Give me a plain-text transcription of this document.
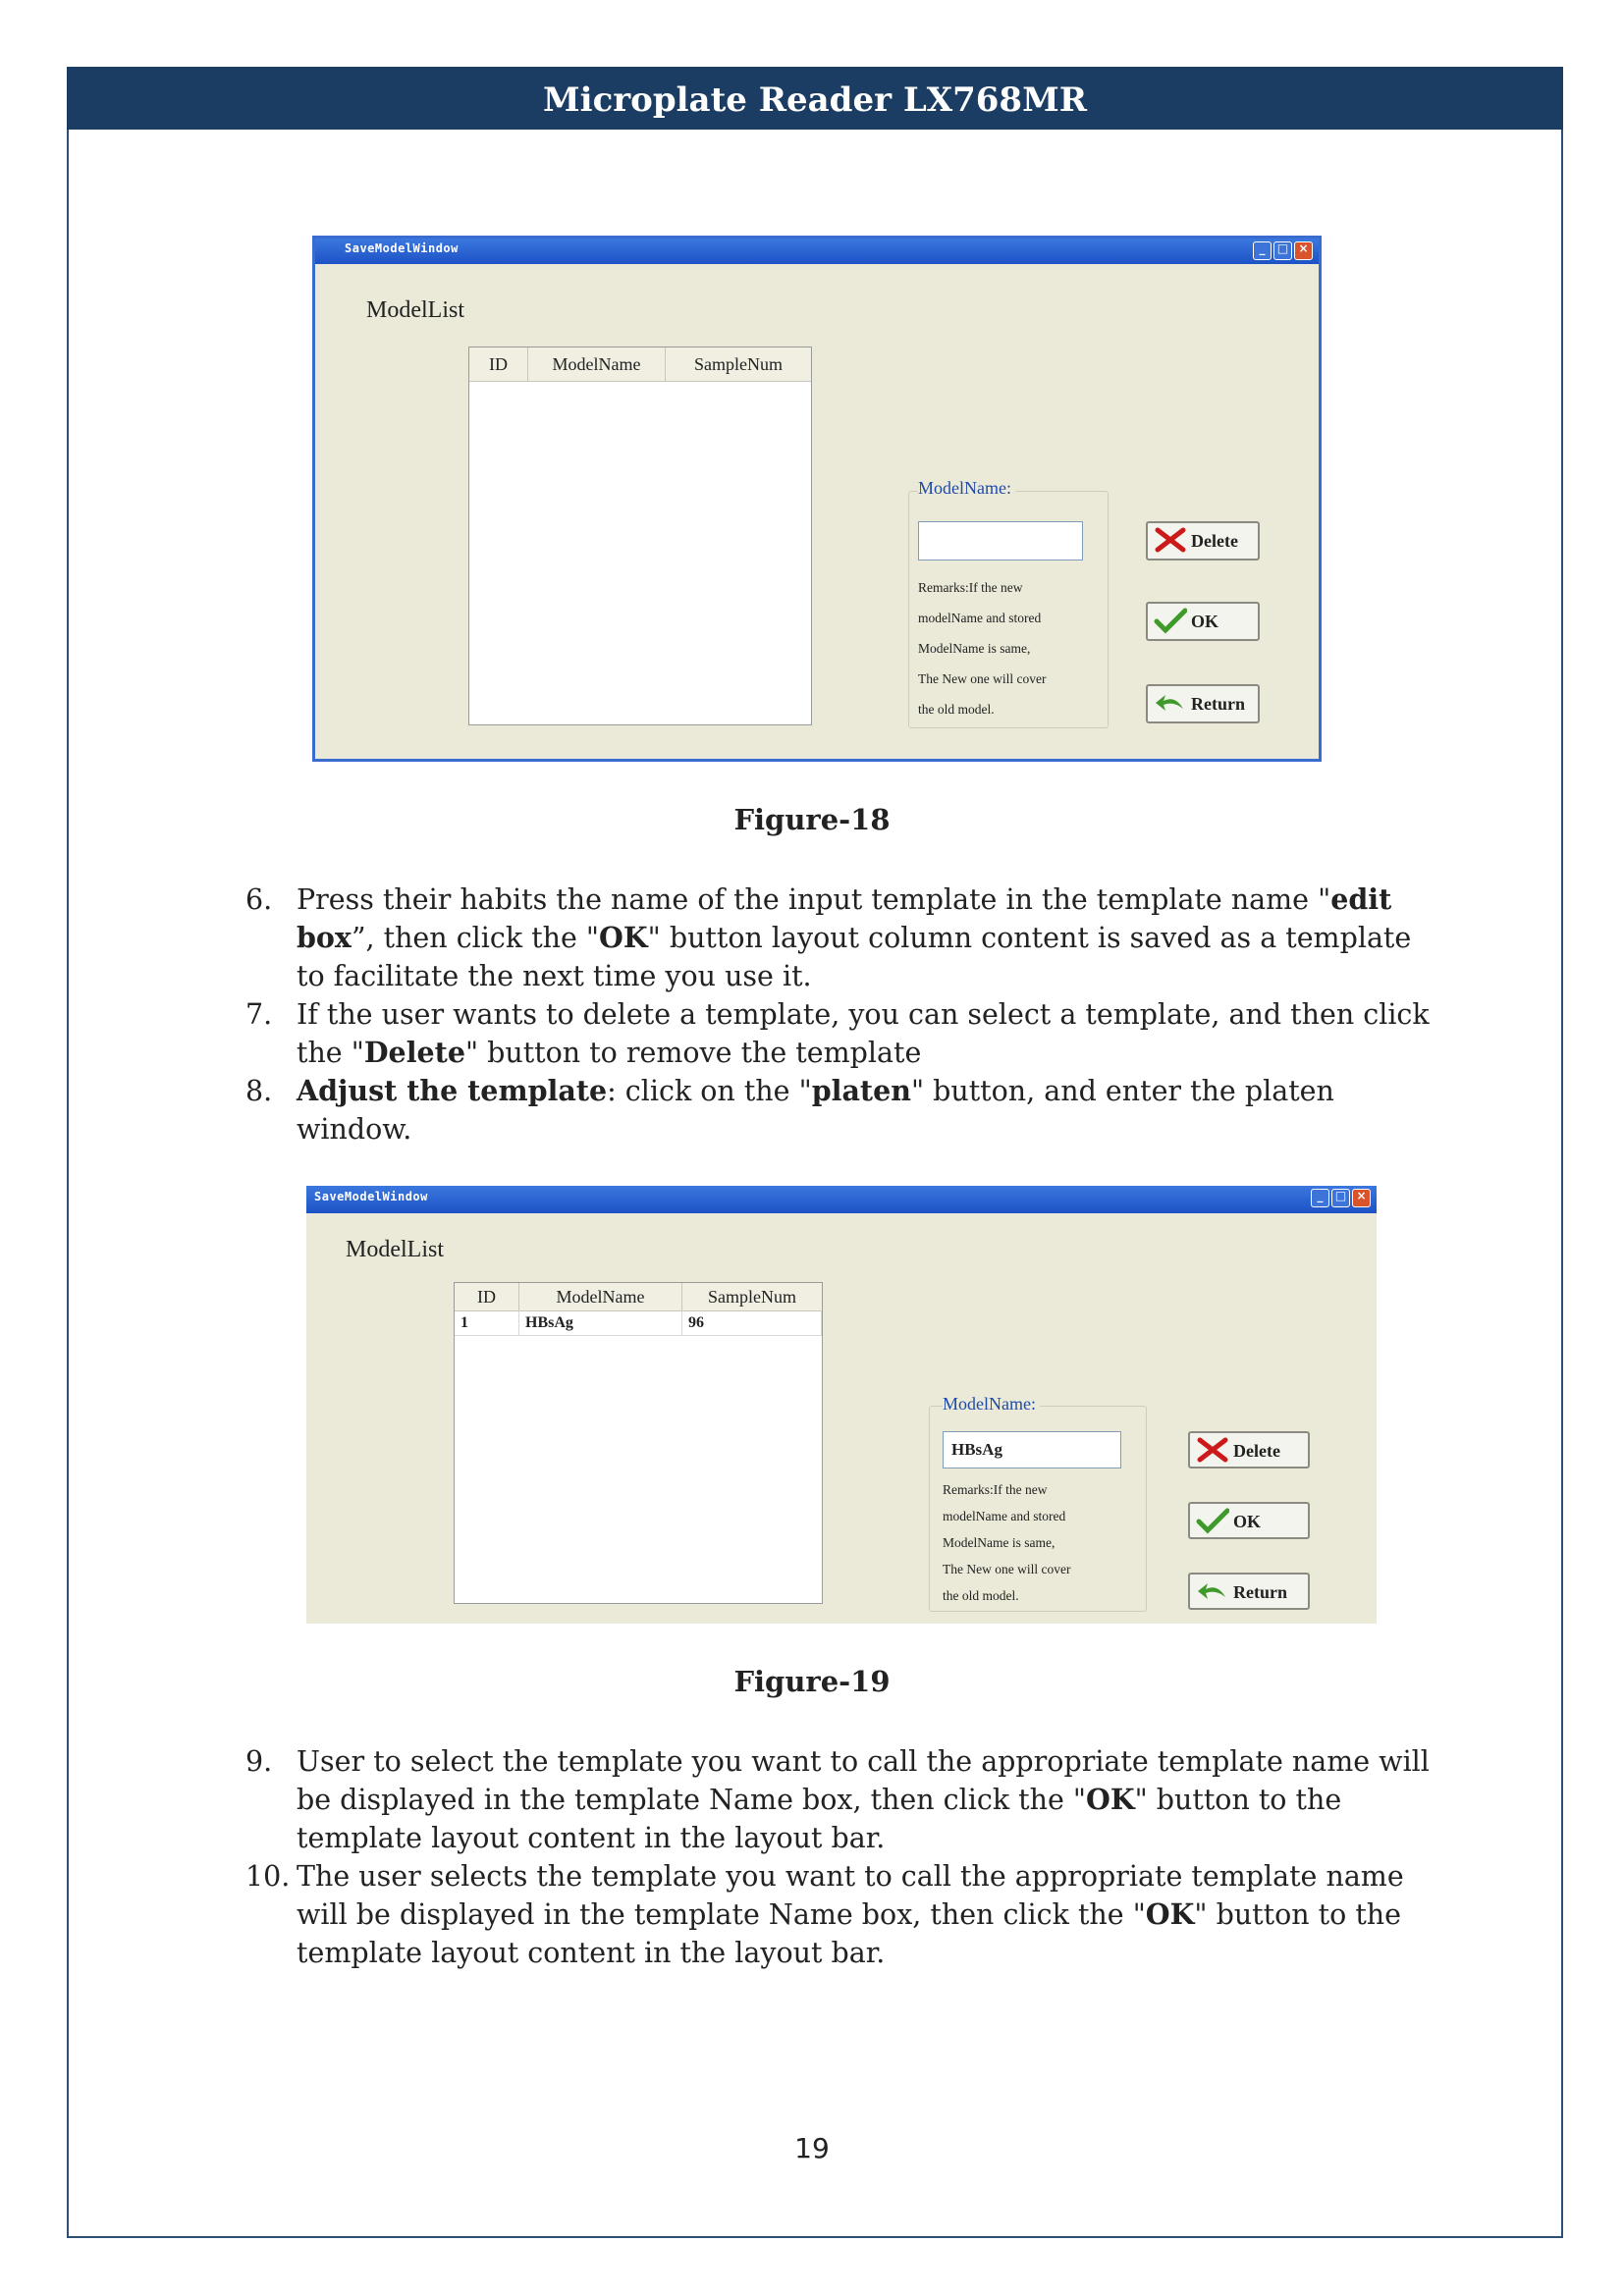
Microplate Reader LX768MR
SaveModelWindow	_	□ ×
ModelList
ID	ModelName	SampleNum
ModelName:
Remarks:If the new
modelName and stored
ModelName is same,
The New one will cover
the old model.
Delete
OK
Return
Figure-18
6. Press their habits the name of the input template in the template name "edit box”, then click the "OK" button layout column content is saved as a template to facilitate the next time you use it.
7. If the user wants to delete a template, you can select a template, and then click the "Delete" button to remove the template
8. Adjust the template: click on the "platen" button, and enter the platen window.
SaveModelWindow	_	□ ×
ModelList
ID	ModelName	SampleNum
1	HBsAg	96
ModelName:
HBsAg
Remarks:If the new
modelName and stored
ModelName is same,
The New one will cover
the old model.
Delete
OK
Return
Figure-19
9. User to select the template you want to call the appropriate template name will be displayed in the template Name box, then click the "OK" button to the template layout content in the layout bar.
10. The user selects the template you want to call the appropriate template name will be displayed in the template Name box, then click the "OK" button to the template layout content in the layout bar.
19
